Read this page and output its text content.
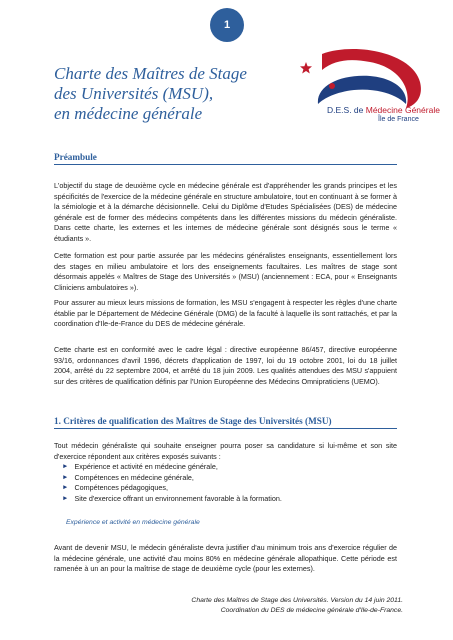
1
Charte des Maîtres de Stage
des Universités (MSU),
en médecine générale	D.E.S. de Médecine Générale
Île de France
Préambule
L'objectif du stage de deuxième cycle en médecine générale est d'appréhender les grands principes et les spécificités de l'exercice de la médecine générale en structure ambulatoire, tout en continuant à se former à la sémiologie et à la démarche décisionnelle. Celui du Diplôme d'Etudes Spécialisées (DES) de médecine générale est de former des médecins compétents dans les différentes missions du médecin généraliste. Dans cette charte, les externes et les internes de médecine générale sont désignés sous le terme « étudiants ».
Cette formation est pour partie assurée par les médecins généralistes enseignants, essentiellement lors des stages en milieu ambulatoire et lors des enseignements facultaires. Les maîtres de stage sont désormais appelés « Maîtres de Stage des Universités » (MSU) (anciennement : ECA, pour « Enseignants Cliniciens ambulatoires »).
Pour assurer au mieux leurs missions de formation, les MSU s'engagent à respecter les règles d'une charte établie par le Département de Médecine Générale (DMG) de la faculté à laquelle ils sont rattachés, et par la coordination d'Ile-de-France du DES de médecine générale.
Cette charte est en conformité avec le cadre légal : directive européenne 86/457, directive européenne 93/16, ordonnances d'avril 1996, décrets d'application de 1997, loi du 19 octobre 2001, loi du 18 juillet 2004, arrêté du 22 septembre 2004, et arrêté du 18 juin 2009. Les qualités attendues des MSU s'appuient sur des critères de qualification définis par l'Union Européenne des Médecins Omnipraticiens (UEMO).
1. Critères de qualification des Maîtres de Stage des Universités (MSU)
Tout médecin généraliste qui souhaite enseigner pourra poser sa candidature si lui-même et son site d'exercice répondent aux critères exposés suivants :
► Expérience et activité en médecine générale,
► Compétences en médecine générale,
► Compétences pédagogiques,
► Site d'exercice offrant un environnement favorable à la formation.
Expérience et activité en médecine générale
Avant de devenir MSU, le médecin généraliste devra justifier d'au minimum trois ans d'exercice régulier de la médecine générale, une activité d'au moins 80% en médecine générale allopathique. Cette période est ramenée à un an pour la maîtrise de stage de deuxième cycle (pour les externes).
Charte des Maîtres de Stage des Universités. Version du 14 juin 2011.
Coordination du DES de médecine générale d'Ile-de-France.
